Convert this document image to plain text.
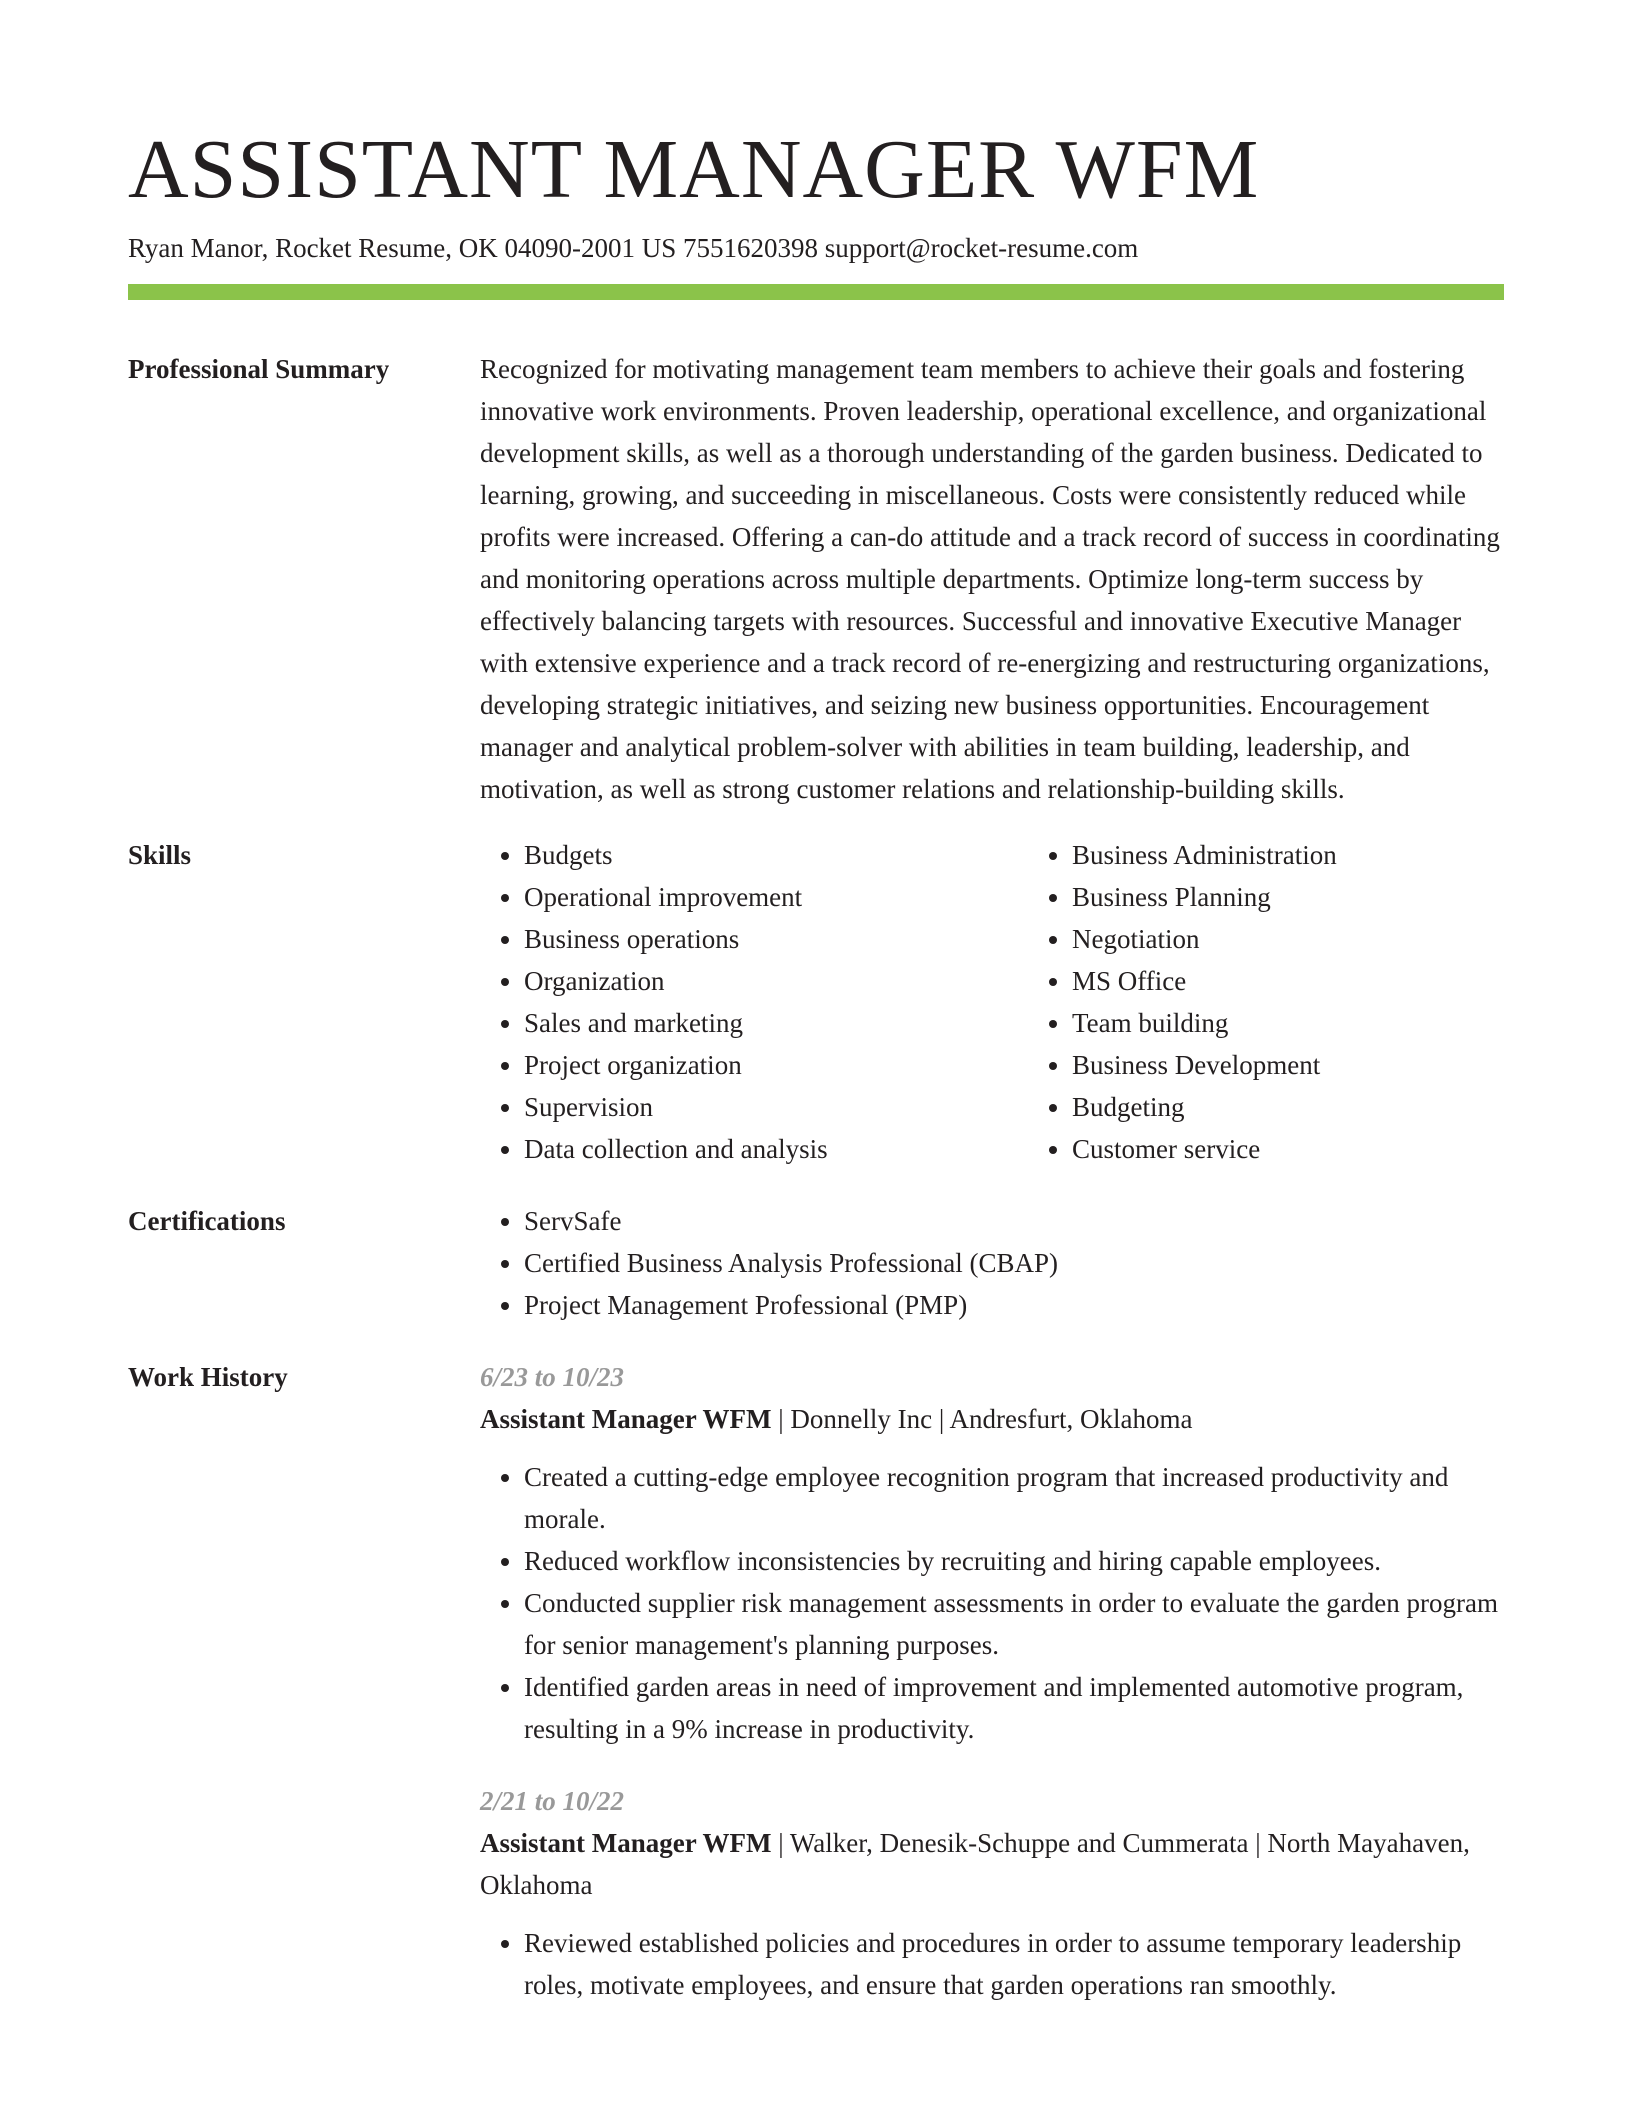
ASSISTANT MANAGER WFM
Ryan Manor, Rocket Resume, OK 04090-2001 US 7551620398 support@rocket-resume.com
Professional Summary	Recognized for motivating management team members to achieve their goals and fostering innovative work environments. Proven leadership, operational excellence, and organizational development skills, as well as a thorough understanding of the garden business. Dedicated to learning, growing, and succeeding in miscellaneous. Costs were consistently reduced while profits were increased. Offering a can-do attitude and a track record of success in coordinating and monitoring operations across multiple departments. Optimize long-term success by effectively balancing targets with resources. Successful and innovative Executive Manager with extensive experience and a track record of re-energizing and restructuring organizations, developing strategic initiatives, and seizing new business opportunities. Encouragement manager and analytical problem-solver with abilities in team building, leadership, and motivation, as well as strong customer relations and relationship-building skills.

Skills	• Budgets
• Operational improvement
• Business operations
• Organization
• Sales and marketing
• Project organization
• Supervision
• Data collection and analysis
• Business Administration
• Business Planning
• Negotiation
• MS Office
• Team building
• Business Development
• Budgeting
• Customer service
Certifications	• ServSafe
• Certified Business Analysis Professional (CBAP)
• Project Management Professional (PMP)
Work History	6/23 to 10/23
Assistant Manager WFM | Donnelly Inc | Andresfurt, Oklahoma
• Created a cutting-edge employee recognition program that increased productivity and morale.
• Reduced workflow inconsistencies by recruiting and hiring capable employees.
• Conducted supplier risk management assessments in order to evaluate the garden program for senior management's planning purposes.
• Identified garden areas in need of improvement and implemented automotive program, resulting in a 9% increase in productivity.
2/21 to 10/22
Assistant Manager WFM | Walker, Denesik-Schuppe and Cummerata | North Mayahaven, Oklahoma
• Reviewed established policies and procedures in order to assume temporary leadership roles, motivate employees, and ensure that garden operations ran smoothly.
